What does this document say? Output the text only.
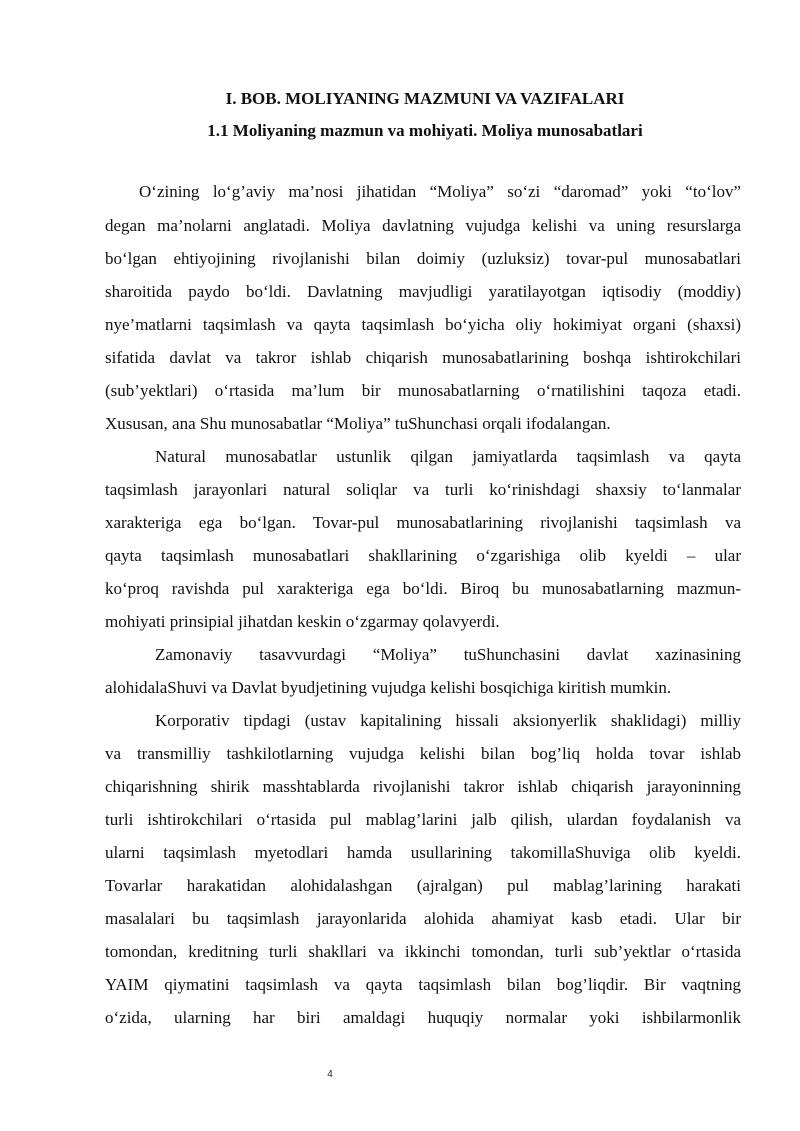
I. BOB. MOLIYANING MAZMUNI VA VAZIFALARI
1.1 Moliyaning mazmun va mohiyati. Moliya munosabatlari
O‘zining lo‘g’aviy ma’nosi jihatidan “Moliya” so‘zi “daromad” yoki “to‘lov”
degan ma’nolarni anglatadi. Moliya davlatning vujudga kelishi va uning resurslarga
bo‘lgan ehtiyojining rivojlanishi bilan doimiy (uzluksiz) tovar-pul munosabatlari
sharoitida paydo bo‘ldi. Davlatning mavjudligi yaratilayotgan iqtisodiy (moddiy)
nye’matlarni taqsimlash va qayta taqsimlash bo‘yicha oliy hokimiyat organi (shaxsi)
sifatida davlat va takror ishlab chiqarish munosabatlarining boshqa ishtirokchilari
(sub’yektlari) o‘rtasida ma’lum bir munosabatlarning o‘rnatilishini taqoza etadi.
Xususan, ana Shu munosabatlar “Moliya” tuShunchasi orqali ifodalangan.
Natural munosabatlar ustunlik qilgan jamiyatlarda taqsimlash va qayta
taqsimlash jarayonlari natural soliqlar va turli ko‘rinishdagi shaxsiy to‘lanmalar
xarakteriga ega bo‘lgan. Tovar-pul munosabatlarining rivojlanishi taqsimlash va
qayta taqsimlash munosabatlari shakllarining o‘zgarishiga olib kyeldi – ular
ko‘proq ravishda pul xarakteriga ega bo‘ldi. Biroq bu munosabatlarning mazmun-
mohiyati prinsipial jihatdan keskin o‘zgarmay qolavyerdi.
Zamonaviy tasavvurdagi “Moliya” tuShunchasini davlat xazinasining
alohidalaShuvi va Davlat byudjetining vujudga kelishi bosqichiga kiritish mumkin.
Korporativ tipdagi (ustav kapitalining hissali aksionyerlik shaklidagi) milliy
va transmilliy tashkilotlarning vujudga kelishi bilan bog’liq holda tovar ishlab
chiqarishning shirik masshtablarda rivojlanishi takror ishlab chiqarish jarayoninning
turli ishtirokchilari o‘rtasida pul mablag’larini jalb qilish, ulardan foydalanish va
ularni taqsimlash myetodlari hamda usullarining takomillaShuviga olib kyeldi.
Tovarlar harakatidan alohidalashgan (ajralgan) pul mablag’larining harakati
masalalari bu taqsimlash jarayonlarida alohida ahamiyat kasb etadi. Ular bir
tomondan, kreditning turli shakllari va ikkinchi tomondan, turli sub’yektlar o‘rtasida
YAIM qiymatini taqsimlash va qayta taqsimlash bilan bog’liqdir. Bir vaqtning
o‘zida, ularning har biri amaldagi huquqiy normalar yoki ishbilarmonlik
4
